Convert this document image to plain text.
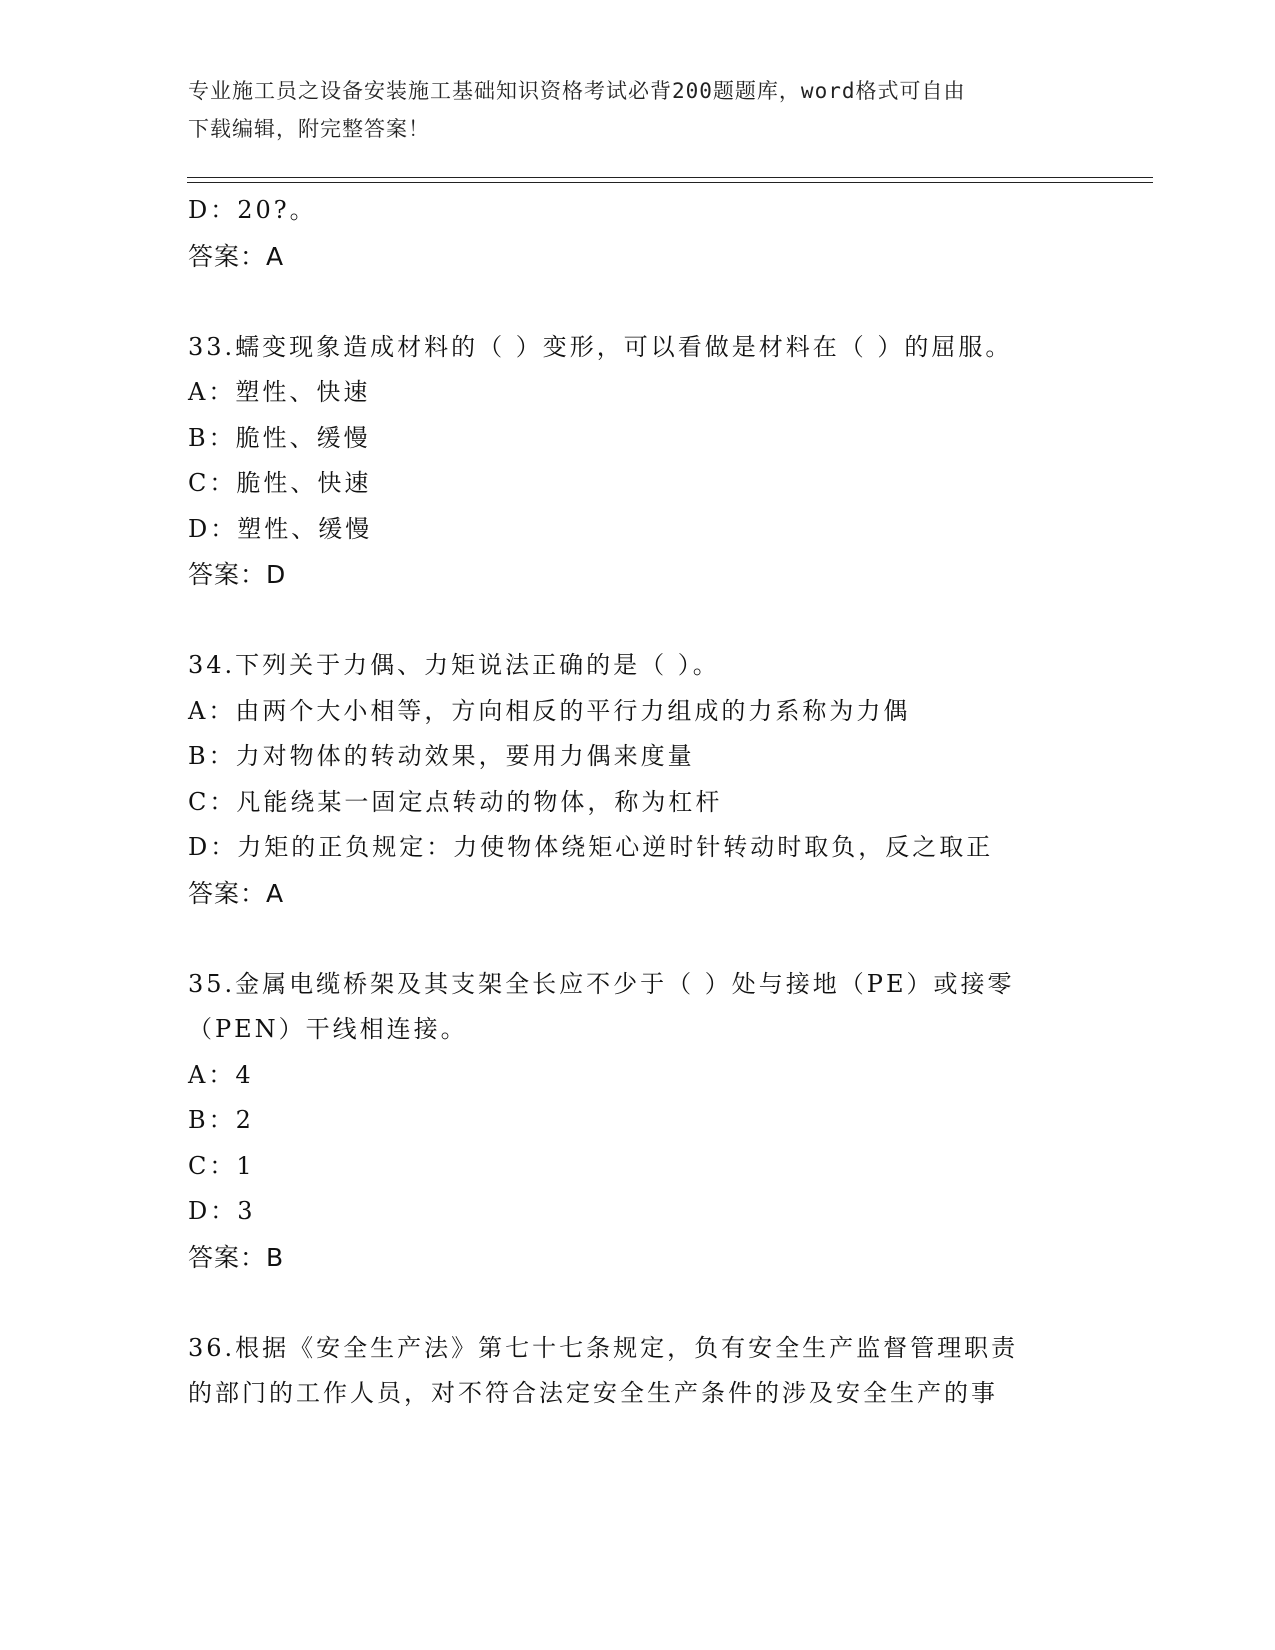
专业施工员之设备安装施工基础知识资格考试必背200题题库，word格式可自由
下载编辑，附完整答案！
D：20?。
答案：A
33.蠕变现象造成材料的（ ）变形，可以看做是材料在（ ）的屈服。
A：塑性、快速
B：脆性、缓慢
C：脆性、快速
D：塑性、缓慢
答案：D
34.下列关于力偶、力矩说法正确的是（ ）。
A：由两个大小相等，方向相反的平行力组成的力系称为力偶
B：力对物体的转动效果，要用力偶来度量
C：凡能绕某一固定点转动的物体，称为杠杆
D：力矩的正负规定：力使物体绕矩心逆时针转动时取负，反之取正
答案：A
35.金属电缆桥架及其支架全长应不少于（ ）处与接地（PE）或接零
（PEN）干线相连接。
A：4
B：2
C：1
D：3
答案：B
36.根据《安全生产法》第七十七条规定，负有安全生产监督管理职责
的部门的工作人员，对不符合法定安全生产条件的涉及安全生产的事
